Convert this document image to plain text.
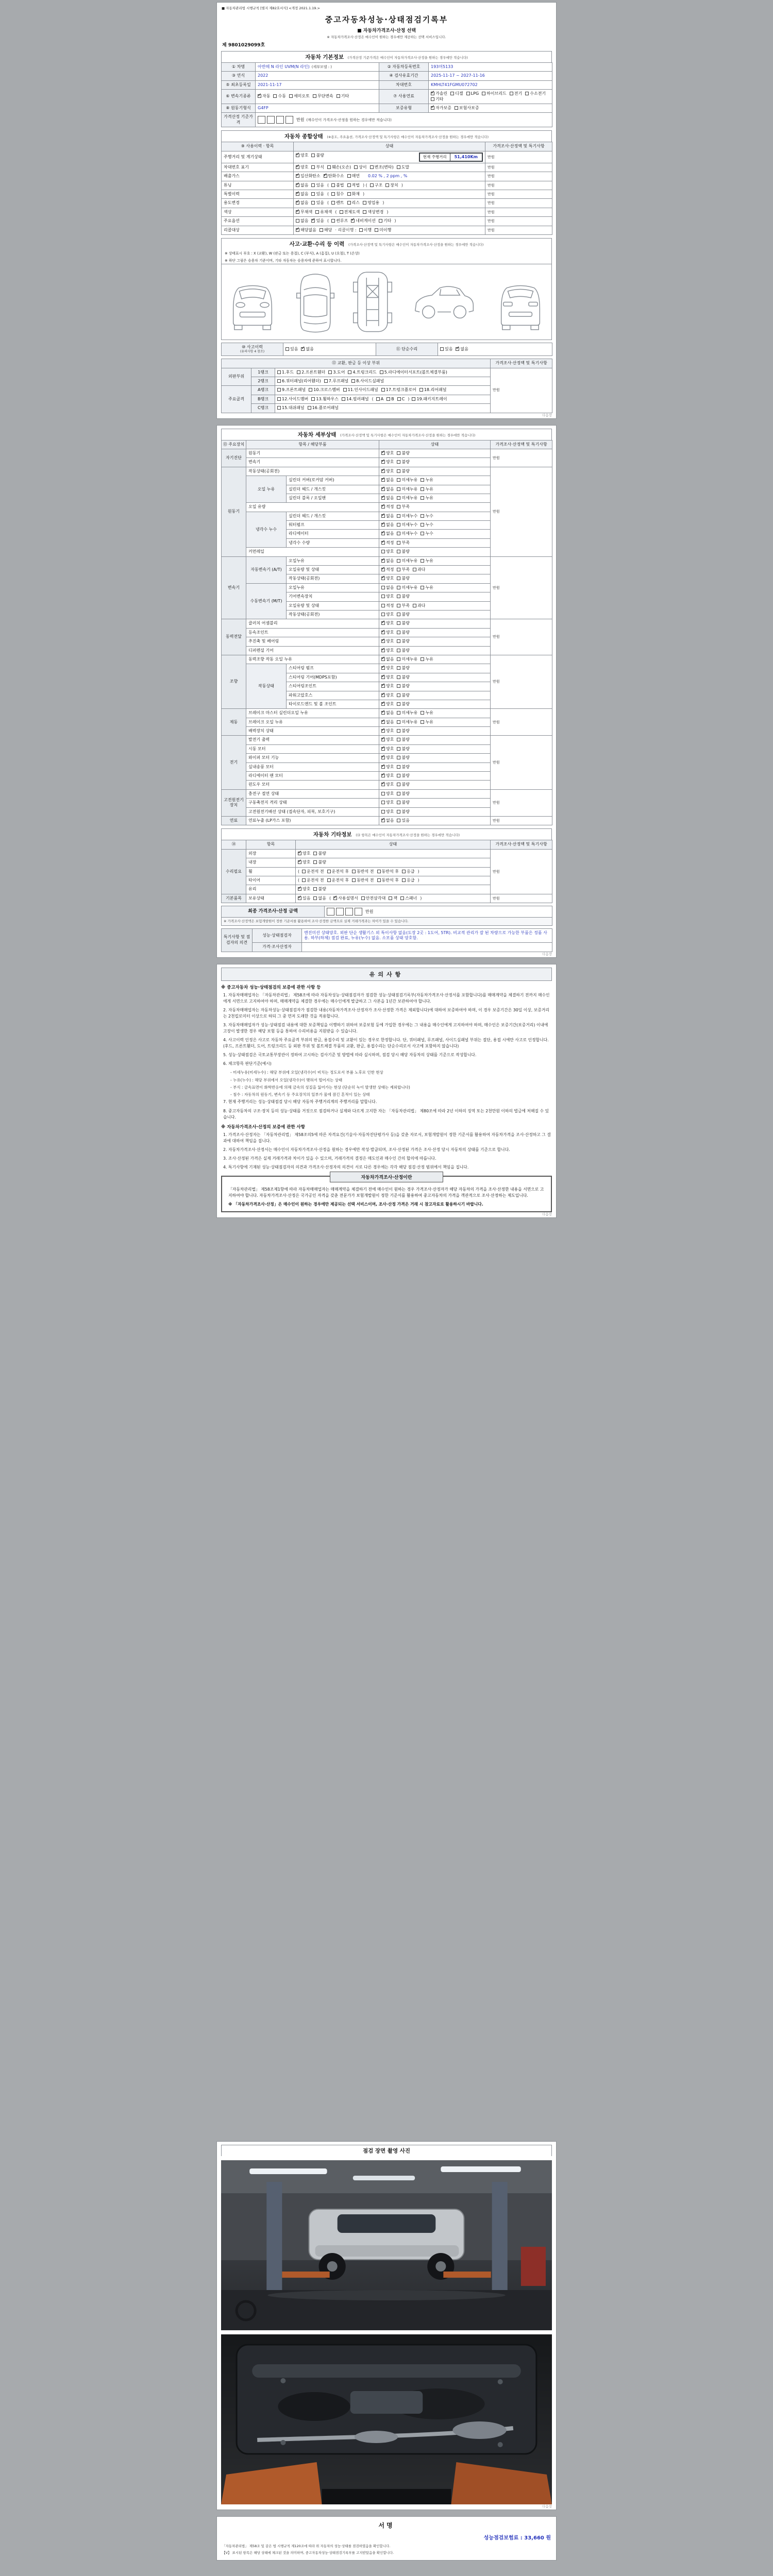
■ 자동차관리법 시행규칙 [별지 제82호서식] <개정 2021.1.19.>
중고자동차성능·상태점검기록부
■ 자동차가격조사·산정 선택
※ 자동차가격조사·산정은 매수인이 원하는 경우에만 제공하는 선택 서비스입니다.
제 9801029099호
자동차 기본정보 (가격산정 기준가격은 매수인이 자동차가격조사·산정을 원하는 경우에만 적습니다)
① 차명	아반떼 N 라인 UVM(N 라인) (세부모델 : )	② 자동차등록번호	193머5133
③ 연식	2022	④ 검사유효기간	2025-11-17 ~ 2027-11-16
⑤ 최초등록일	2021-11-17	차대번호	KMHLT41FGMU072702
⑥ 변속기종류	✓자동 수동 세미오토 무단변속 기타	⑦ 사용연료	✓가솔린 디젤 LPG 하이브리드 전기 수소전기기타
⑧ 원동기형식	G4FP	보증유형	✓자가보증 보험사보증
가격산정 기준가격	만원 (매수인이 가격조사·산정을 원하는 경우에만 적습니다)		
자동차 종합상태 (※용도, 주요옵션, 가격조사·산정액 및 특기사항은 매수인이 자동차가격조사·산정을 원하는 경우에만 적습니다)
⑨ 사용이력 · 항목	상태	가격조사·산정액 및 특기사항
주행거리 및 계기상태	✓양호 불량 현재 주행거리 51,410Km	만원
차대번호 표기	✓양호 부식 훼손(오손) 상이 변조(변타) 도말	만원
배출가스	✓일산화탄소 ✓ 탄화수소 매연 0.02 % , 2 ppm , %	만원
튜닝	✓없음 있음 ( 불법 적법 ) ( 구조 장치 )	만원
특별이력	✓없음 있음 ( 침수 화재 )	만원
용도변경	✓없음 있음 ( 렌트 리스 영업용 )	만원
색상	✓무채색 유채색 ( 전체도색 색상변경 )	만원
주요옵션	없음 ✓ 있음 ( 썬루프 ✓ 네비게이션 기타 )	만원
리콜대상	✓해당없음 해당 · 리콜이행 : 이행 미이행	만원
사고·교환·수리 등 이력 (가격조사·산정액 및 특기사항은 매수인이 자동차가격조사·산정을 원하는 경우에만 적습니다)
※ 상태표시 부호 : X (교환), W (판금 또는 용접), C (부식), A (흠집), U (요철), T (손상)
※ 하단 그림은 승용차 기준이며, 기타 자동차는 승용차에 준하여 표시합니다.
⑩ 사고이력
(유의사항 4 참조)
	있음 ✓ 없음	⑪ 단순수리	있음 ✓ 없음
⑫ 교환, 판금 등 이상 부위			가격조사·산정액 및 특기사항
외판부위	1랭크	1.후드 2.프론트휀더 3.도어 4.트렁크리드 5.라디에이터서포트(볼트체결부품)	만원
	2랭크	6.쿼터패널(리어휀더) 7.루프패널 8.사이드실패널	
주요골격	A랭크	9.프론트패널 10.크로스멤버 11.인사이드패널 17.트렁크플로어 18.리어패널	
	B랭크	12.사이드멤버 13.휠하우스 14.필러패널 ( A B C ) 19.패키지트레이	
	C랭크	15.대쉬패널 16.플로어패널	
다음장
자동차 세부상태 (가격조사·산정액 및 특기사항은 매수인이 자동차가격조사·산정을 원하는 경우에만 적습니다)
⑬ 주요장치	항목 / 해당부품		상태	가격조사·산정액 및 특기사항
자기진단	원동기	✓양호 불량	만원
	변속기	✓양호 불량
원동기	작동상태(공회전)	✓양호 불량	만원
	오일 누유	실린더 커버(로커암 커버)	✓없음 미세누유 누유
		실린더 헤드 / 개스킷	✓없음 미세누유 누유
		실린더 블록 / 오일팬	✓없음 미세누유 누유
	오일 유량	✓적정 부족
	냉각수 누수	실린더 헤드 / 개스킷	✓없음 미세누수 누수
		워터펌프	✓없음 미세누수 누수
		라디에이터	✓없음 미세누수 누수
		냉각수 수량	✓적정 부족
	커먼레일		양호 불량	
변속기	자동변속기 (A/T)	오일누유	✓없음 미세누유 누유	만원
		오일유량 및 상태	✓적정 부족 과다
		작동상태(공회전)	✓양호 불량
	수동변속기 (M/T)	오일누유	없음 미세누유 누유	
		기어변속장치	양호 불량	
		오일유량 및 상태	적정 부족 과다	
		작동상태(공회전)	양호 불량	
동력전달	클러치 어셈블리	✓양호 불량	만원
	등속조인트	✓양호 불량
	추진축 및 베어링	✓양호 불량
	디퍼렌셜 기어	✓양호 불량
조향	동력조향 작동 오일 누유	✓없음 미세누유 누유	만원
	작동상태	스티어링 펌프	✓양호 불량
		스티어링 기어(MDPS포함)	✓양호 불량
		스티어링조인트	✓양호 불량
		파워고압호스	✓양호 불량
		타이로드엔드 및 볼 조인트	✓양호 불량
제동	브레이크 마스터 실린더오일 누유	✓없음 미세누유 누유	만원
	브레이크 오일 누유	✓없음 미세누유 누유
	배력장치 상태	✓양호 불량
전기	발전기 출력	✓양호 불량	만원
	시동 모터	✓양호 불량
	와이퍼 모터 기능	✓양호 불량
	실내송풍 모터	✓양호 불량
	라디에이터 팬 모터	✓양호 불량
	윈도우 모터	✓양호 불량
고전원전기장치	충전구 절연 상태		양호 불량	만원
	구동축전지 격리 상태		양호 불량	
	고전원전기배선 상태 (접속단자, 피복, 보호기구)		양호 불량	
연료	연료누출 (LP가스 포함)	✓없음 있음	만원
자동차 기타정보 (⑭ 항목은 매수인이 자동차가격조사·산정을 원하는 경우에만 적습니다)
⑭	항목	상태	가격조사·산정액 및 특기사항
수리필요	외장	✓양호 불량	만원
	내장	✓양호 불량
	휠	( 운전석 전 운전석 후 동반석 전 동반석 후 응급 )	
	타이어	( 운전석 전 운전석 후 동반석 전 동반석 후 응급 )	
	유리	✓양호 불량
기본품목	보유상태	✓있음 없음 ( ✓ 사용설명서 안전삼각대 잭 스패너 )	만원
최종 가격조사·산정 금액	만원
※ 가격조사·산정액은 보험개발원이 정한 기준서를 활용하여 조사·산정한 금액으로 실제 거래가격과는 차이가 있을 수 있습니다.
특기사항 및 점검자의 의견	성능·상태점검자	엔진미션 상태양호. 외판 단순 생활기스 외 특이사항 없음(도장 2곳 : 1도어, 5TR). 비교적 관리가 잘 된 차량으로 가능한 부품은 정품 사용. 하부(하체) 점검 완료, 누유(누수) 없음. 소모품 상태 양호함.
	가격·조사산정자	
다음장
유의사항
※ 중고자동차 성능·상태점검의 보증에 관한 사항 등
1. 자동차매매업자는 「자동차관리법」 제58조에 따라 자동차성능·상태점검자가 점검한 성능·상태점검기록부(자동차가격조사·산정서를 포함합니다)를 매매계약을 체결하기 전까지 매수인에게 서면으로 고지하여야 하며, 매매계약을 체결한 경우에는 매수인에게 발급하고 그 사본을 1년간 보관하여야 합니다.
2. 자동차매매업자는 자동차성능·상태점검자가 점검한 내용(자동차가격조사·산정자가 조사·산정한 가격은 제외합니다)에 대하여 보증하여야 하며, 이 경우 보증기간은 30일 이상, 보증거리는 2천킬로미터 이상으로 하되 그 중 먼저 도래한 것을 적용합니다.
3. 자동차매매업자가 성능·상태점검 내용에 대한 보증책임을 이행하기 위하여 보증보험 등에 가입한 경우에는 그 내용을 매수인에게 고지하여야 하며, 매수인은 보증기간(보증거리) 이내에 고장이 발생한 경우 해당 보험 등을 통하여 수리비용을 지원받을 수 있습니다.
4. 사고이력 인정은 사고로 자동차 주요골격 부위의 판금, 용접수리 및 교환이 있는 경우로 한정합니다. 단, 쿼터패널, 루프패널, 사이드실패널 부위는 절단, 용접 시에만 사고로 인정합니다. (후드, 프론트휀더, 도어, 트렁크리드 등 외판 부위 및 볼트체결 부품의 교환, 판금, 용접수리는 단순수리로서 사고에 포함하지 않습니다)
5. 성능·상태점검은 국토교통부장관이 정하여 고시하는 검사기준 및 방법에 따라 실시하며, 점검 당시 해당 자동차의 상태를 기준으로 작성합니다.
6. 체크항목 판단기준(예시)
- 미세누유(미세누수) : 해당 부위에 오일(냉각수)이 비치는 정도로서 부품 노후로 인한 현상
- 누유(누수) : 해당 부위에서 오일(냉각수)이 맺혀서 떨어지는 상태
- 부식 : 금속표면이 화학반응에 의해 금속의 성질을 잃어가는 현상 (단순히 녹이 발생한 상태는 제외합니다)
- 침수 : 자동차의 원동기, 변속기 등 주요장치의 일부가 물에 잠긴 흔적이 있는 상태
7. 현재 주행거리는 성능·상태점검 당시 해당 자동차 주행거리계의 주행거리를 말합니다.
8. 중고자동차의 구조·장치 등의 성능·상태를 거짓으로 점검하거나 실제와 다르게 고지한 자는 「자동차관리법」 제80조에 따라 2년 이하의 징역 또는 2천만원 이하의 벌금에 처해질 수 있습니다.
※ 자동차가격조사·산정의 보증에 관한 사항
1. 가격조사·산정자는 「자동차관리법」 제58조의5에 따른 자격요건(기술사·자동차진단평가사 등)을 갖춘 자로서, 보험개발원이 정한 기준서를 활용하여 자동차가격을 조사·산정하고 그 결과에 대하여 책임을 집니다.
2. 자동차가격조사·산정서는 매수인이 자동차가격조사·산정을 원하는 경우에만 작성·발급되며, 조사·산정된 가격은 조사·산정 당시 자동차의 상태를 기준으로 합니다.
3. 조사·산정된 가격은 실제 거래가격과 차이가 있을 수 있으며, 거래가격의 결정은 매도인과 매수인 간의 합의에 따릅니다.
4. 특기사항에 기재된 성능·상태점검자의 의견과 가격조사·산정자의 의견이 서로 다른 경우에는 각각 해당 점검·산정 범위에서 책임을 집니다.
자동차가격조사·산정이란
「자동차관리법」 제58조제1항에 따라 자동차매매업자는 매매계약을 체결하기 전에 매수인이 원하는 경우 가격조사·산정자가 해당 자동차의 가격을 조사·산정한 내용을 서면으로 고지하여야 합니다. 자동차가격조사·산정은 국가공인 자격을 갖춘 전문가가 보험개발원이 정한 기준서를 활용하여 중고자동차의 가격을 객관적으로 조사·산정하는 제도입니다.
※ 「자동차가격조사·산정」은 매수인이 원하는 경우에만 제공되는 선택 서비스이며, 조사·산정 가격은 거래 시 참고자료로 활용하시기 바랍니다.
다음장
점검 장면 촬영 사진
다음장
서명
성능점검보험료 : 33,660 원
「자동차관리법」 제58조 및 같은 법 시행규칙 제120조에 따라 위 자동차의 성능·상태를 점검하였음을 확인합니다.
【Ⅴ】 표시된 항목은 해당 상태에 체크된 것을 의미하며, 중고자동차성능·상태점검기록부를 고지받았음을 확인합니다.
